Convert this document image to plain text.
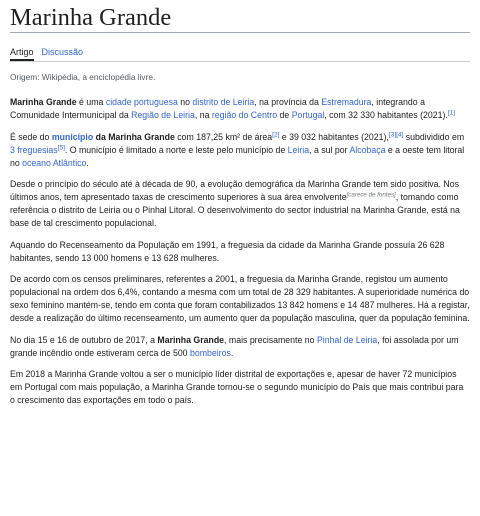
Marinha Grande
Artigo Discussão
Origem: Wikipédia, a enciclopédia livre.

Marinha Grande é uma cidade portuguesa no distrito de Leiria, na província da Estremadura, integrando a Comunidade Intermunicipal da Região de Leiria, na região do Centro de Portugal, com 32 330 habitantes (2021).[1]

É sede do município da Marinha Grande com 187,25 km² de área[2] e 39 032 habitantes (2021),[3][4] subdividido em 3 freguesias[5]. O município é limitado a norte e leste pelo município de Leiria, a sul por Alcobaça e a oeste tem litoral no oceano Atlântico.

Desde o princípio do século até à década de 90, a evolução demográfica da Marinha Grande tem sido positiva. Nos últimos anos, tem apresentado taxas de crescimento superiores à sua área envolvente[carece de fontes], tomando como referência o distrito de Leiria ou o Pinhal Litoral. O desenvolvimento do sector industrial na Marinha Grande, está na base de tal crescimento populacional.

Aquando do Recenseamento da População em 1991, a freguesia da cidade da Marinha Grande possuía 26 628 habitantes, sendo 13 000 homens e 13 628 mulheres.

De acordo com os censos preliminares, referentes a 2001, a freguesia da Marinha Grande, registou um aumento populacional na ordem dos 6,4%, contando a mesma com um total de 28 329 habitantes. A superioridade numérica do sexo feminino mantém-se, tendo em conta que foram contabilizados 13 842 homens e 14 487 mulheres. Há a registar, desde a realização do último recenseamento, um aumento quer da população masculina, quer da população feminina.

No dia 15 e 16 de outubro de 2017, a Marinha Grande, mais precisamente no Pinhal de Leiria, foi assolada por um grande incêndio onde estiveram cerca de 500 bombeiros.

Em 2018 a Marinha Grande voltou a ser o município líder distrital de exportações e, apesar de haver 72 municípios em Portugal com mais população, a Marinha Grande tornou-se o segundo município do País que mais contribui para o crescimento das exportações em todo o país.
